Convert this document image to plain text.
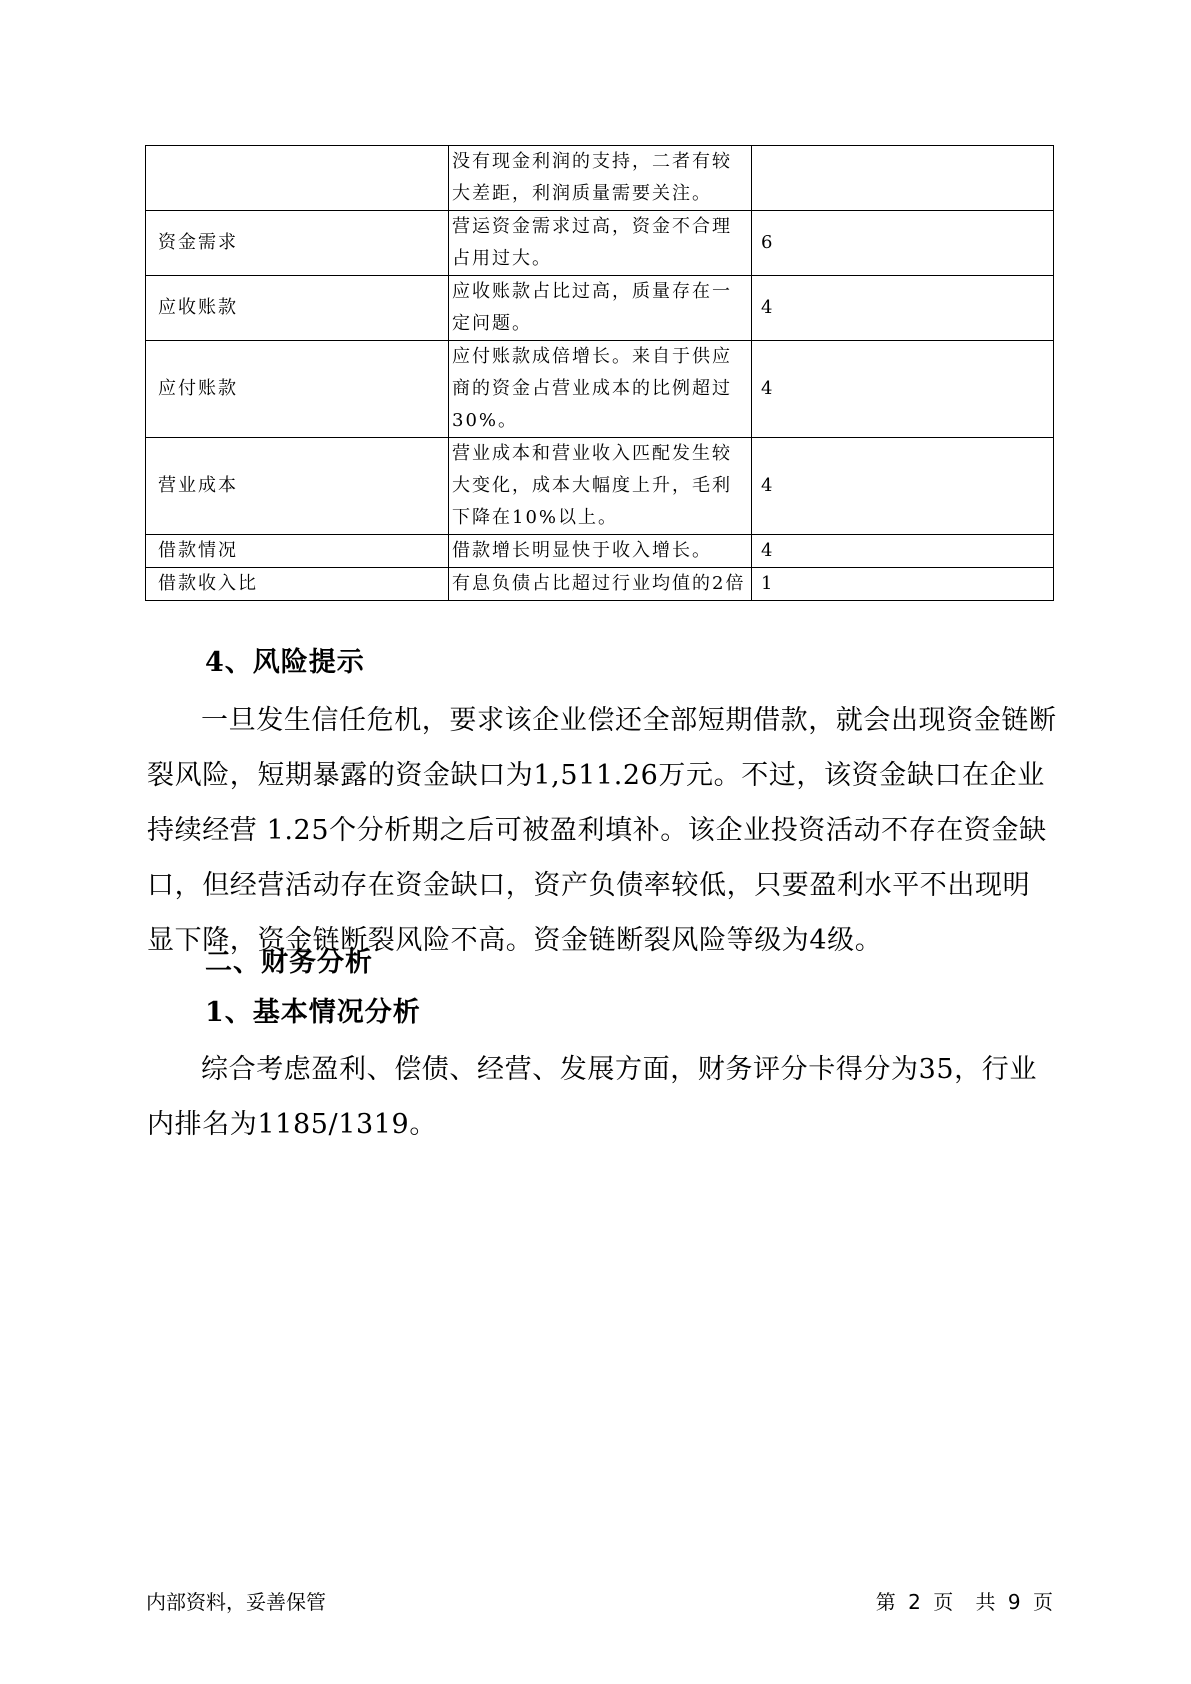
	没有现金利润的支持，二者有较大差距，利润质量需要关注。	
资金需求	营运资金需求过高，资金不合理占用过大。	6
应收账款	应收账款占比过高，质量存在一定问题。	4
应付账款	应付账款成倍增长。来自于供应商的资金占营业成本的比例超过30%。	4
营业成本	营业成本和营业收入匹配发生较大变化，成本大幅度上升，毛利下降在10%以上。	4
借款情况	借款增长明显快于收入增长。	4
借款收入比	有息负债占比超过行业均值的2倍	1
4、风险提示

一旦发生信任危机，要求该企业偿还全部短期借款，就会出现资金链断裂风险，短期暴露的资金缺口为1,511.26万元。不过，该资金缺口在企业持续经营 1.25个分析期之后可被盈利填补。该企业投资活动不存在资金缺口，但经营活动存在资金缺口，资产负债率较低，只要盈利水平不出现明显下降，资金链断裂风险不高。资金链断裂风险等级为4级。

二、财务分析
1、基本情况分析

综合考虑盈利、偿债、经营、发展方面，财务评分卡得分为35，行业内排名为1185/1319。

内部资料，妥善保管	第 2 页 共 9 页
